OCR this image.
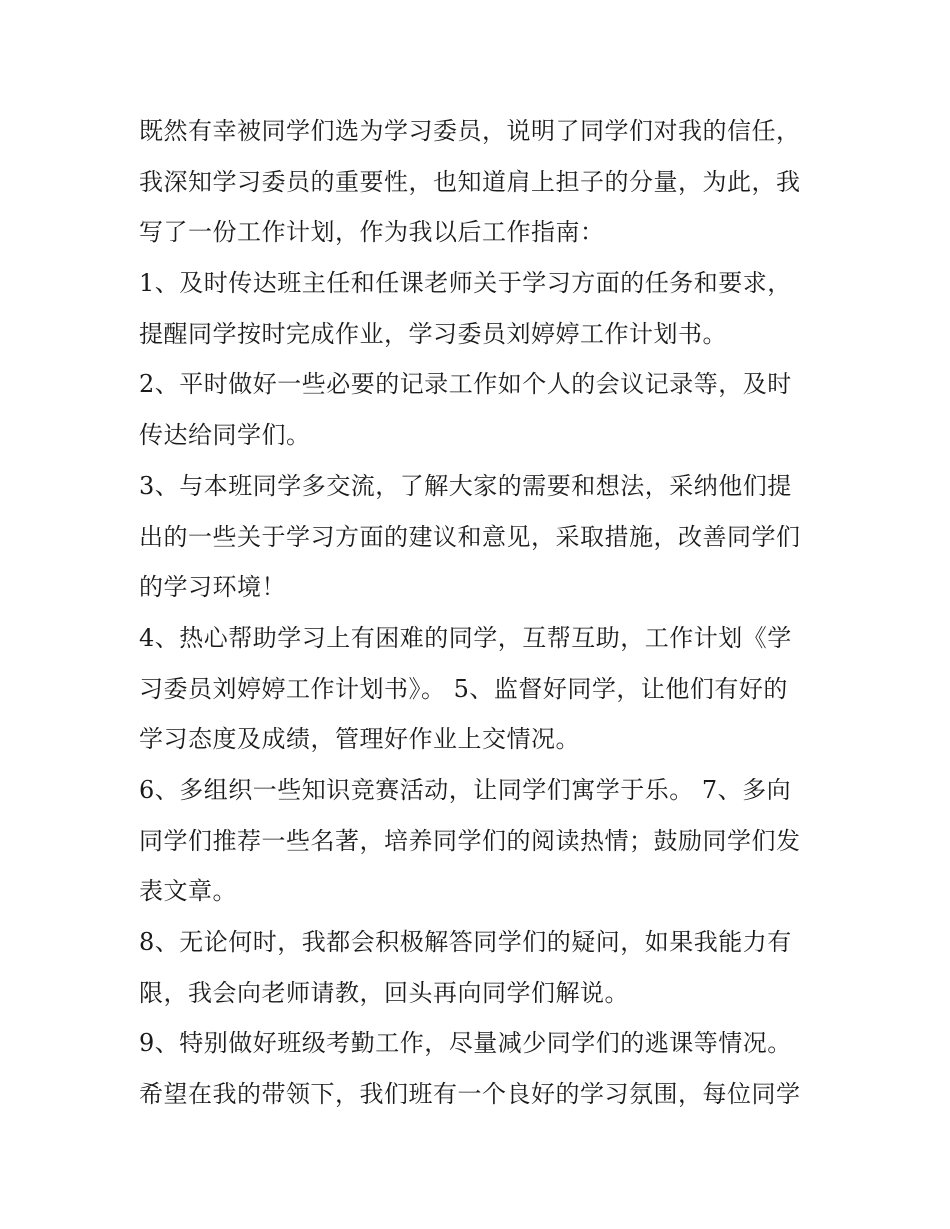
既然有幸被同学们选为学习委员，说明了同学们对我的信任，
我深知学习委员的重要性，也知道肩上担子的分量，为此，我
写了一份工作计划，作为我以后工作指南：
1、及时传达班主任和任课老师关于学习方面的任务和要求，
提醒同学按时完成作业，学习委员刘婷婷工作计划书。
2、平时做好一些必要的记录工作如个人的会议记录等，及时
传达给同学们。
3、与本班同学多交流，了解大家的需要和想法，采纳他们提
出的一些关于学习方面的建议和意见，采取措施，改善同学们
的学习环境！
4、热心帮助学习上有困难的同学，互帮互助，工作计划《学
习委员刘婷婷工作计划书》。 5、监督好同学，让他们有好的
学习态度及成绩，管理好作业上交情况。
6、多组织一些知识竞赛活动，让同学们寓学于乐。 7、多向
同学们推荐一些名著，培养同学们的阅读热情；鼓励同学们发
表文章。
8、无论何时，我都会积极解答同学们的疑问，如果我能力有
限，我会向老师请教，回头再向同学们解说。
9、特别做好班级考勤工作，尽量减少同学们的逃课等情况。
希望在我的带领下，我们班有一个良好的学习氛围，每位同学
